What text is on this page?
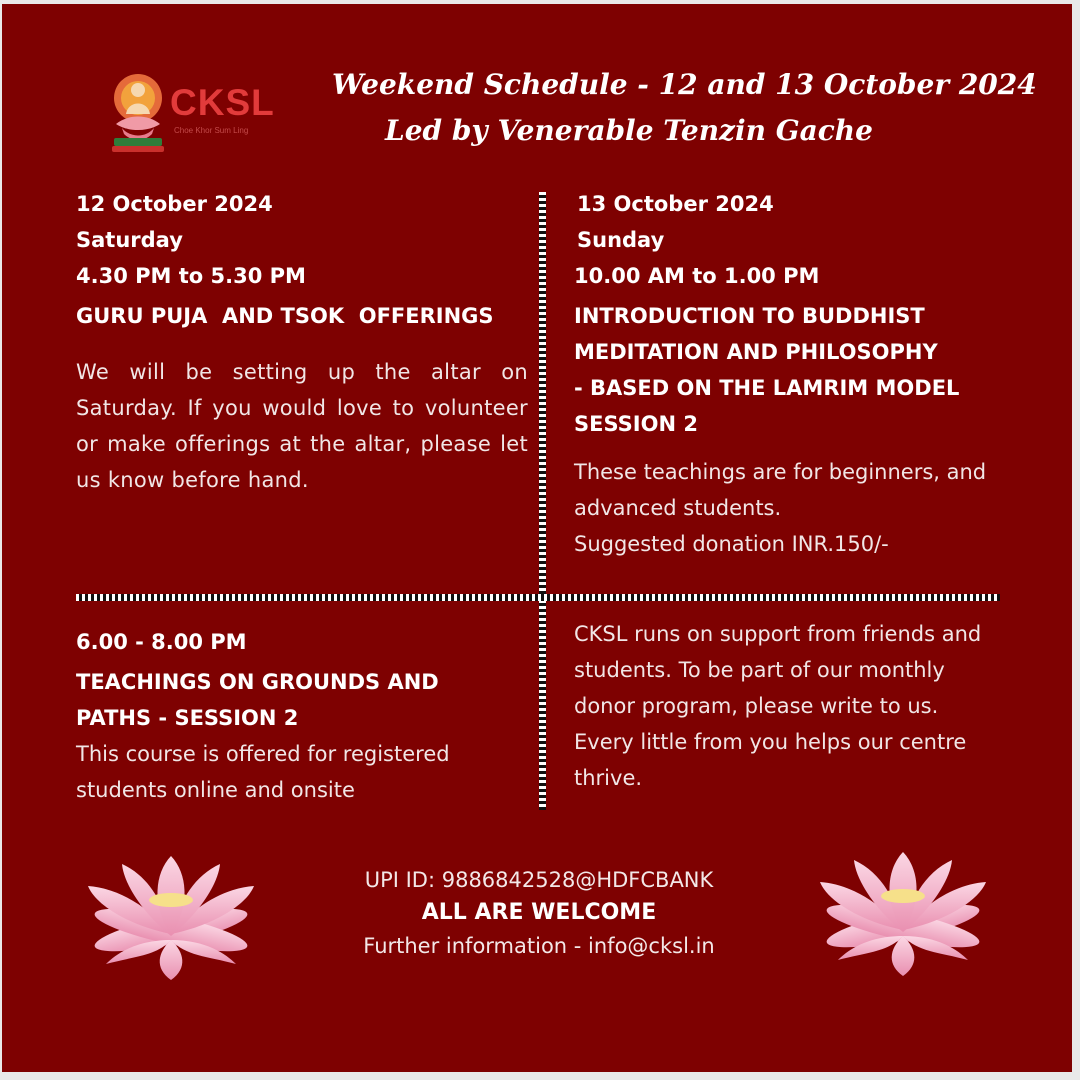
CKSL
Choe Khor Sum Ling
Weekend Schedule - 12 and 13 October 2024
Led by Venerable Tenzin Gache
12 October 2024
Saturday
4.30 PM to 5.30 PM
GURU PUJA  AND TSOK  OFFERINGS
We will be setting up the altar on Saturday. If you would love to volunteer or make offerings at the altar, please let us know before hand.
13 October 2024
Sunday
10.00 AM to 1.00 PM
INTRODUCTION TO BUDDHIST
MEDITATION AND PHILOSOPHY
- BASED ON THE LAMRIM MODEL
SESSION 2
These teachings are for beginners, and
advanced students.
Suggested donation INR.150/-
6.00 - 8.00 PM
TEACHINGS ON GROUNDS AND
PATHS - SESSION 2
This course is offered for registered
students online and onsite
CKSL runs on support from friends and
students. To be part of our monthly
donor program, please write to us.
Every little from you helps our centre
thrive.
UPI ID: 9886842528@HDFCBANK
ALL ARE WELCOME
Further information - info@cksl.in
